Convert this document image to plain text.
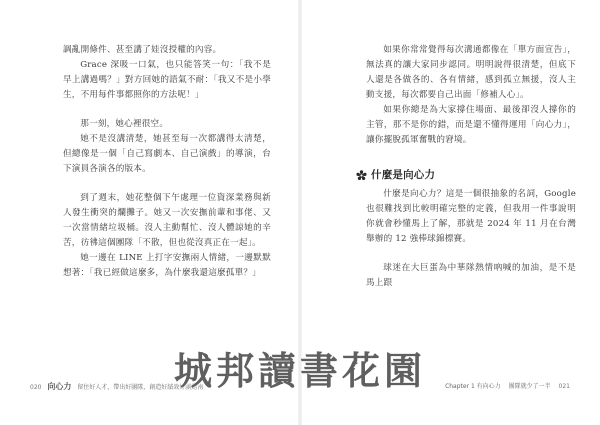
調亂開條件、甚至講了娃沒授權的內容。

Grace 深吸一口氣，也只能答笑一句：「我不是早上講過嗎？」對方回她的語氣不耐：「我又不是小學生，不用每件事都照你的方法呢！」

那一刻，她心裡很空。

她不是沒講清楚，她甚至每一次都講得太清楚，但總像是一個「自己寫劇本、自己演戲」的導演，台下演員各演各的版本。

到了週末，她花整個下午處理一位資深業務與新人發生衝突的爛攤子。她又一次安撫前輩和事佬、又一次當情緒垃圾桶。沒人主動幫忙、沒人體諒她的辛苦，彷彿這個團隊「不散，但也從沒真正在一起」。

她一邊在 LINE 上打字安撫兩人情緒，一邊默默想著：「我已經做這麼多，為什麼我還這麼孤單？」

020 向心力 留住好人才，帶出好團隊，創造好績效好團動南

如果你常常覺得每次溝通都像在「單方面宣告」，無法真的讓大家同步認同。明明說得很清楚，但底下人還是各做各的、各有情緒，感到孤立無援，沒人主動支援，每次都要自己出面「修補人心」。

如果你總是為大家撐住場面、最後卻沒人撐你的主管，那不是你的錯，而是還不懂得運用「向心力」，讓你擺脫孤軍奮戰的窘境。

什麼是向心力

什麼是向心力？這是一個很抽象的名詞，Google 也很難找到比較明確完整的定義，但我用一件事說明你就會秒懂馬上了解，那就是 2024 年 11 月在台灣舉辦的 12 強棒球錦標賽。

球迷在大巨蛋為中華隊熱情吶喊的加油，是不是馬上跟

Chapter 1 有向心力 團隊就少了一半 021
城邦讀書花園
